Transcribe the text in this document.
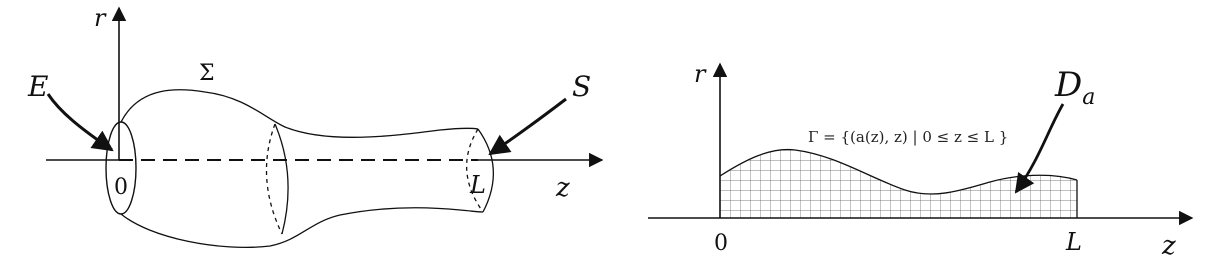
r
z
Σ
E	S
0	L
r
z
0	L
Γ = {(a(z), z) | 0 ≤ z ≤ L }
$D_a$
